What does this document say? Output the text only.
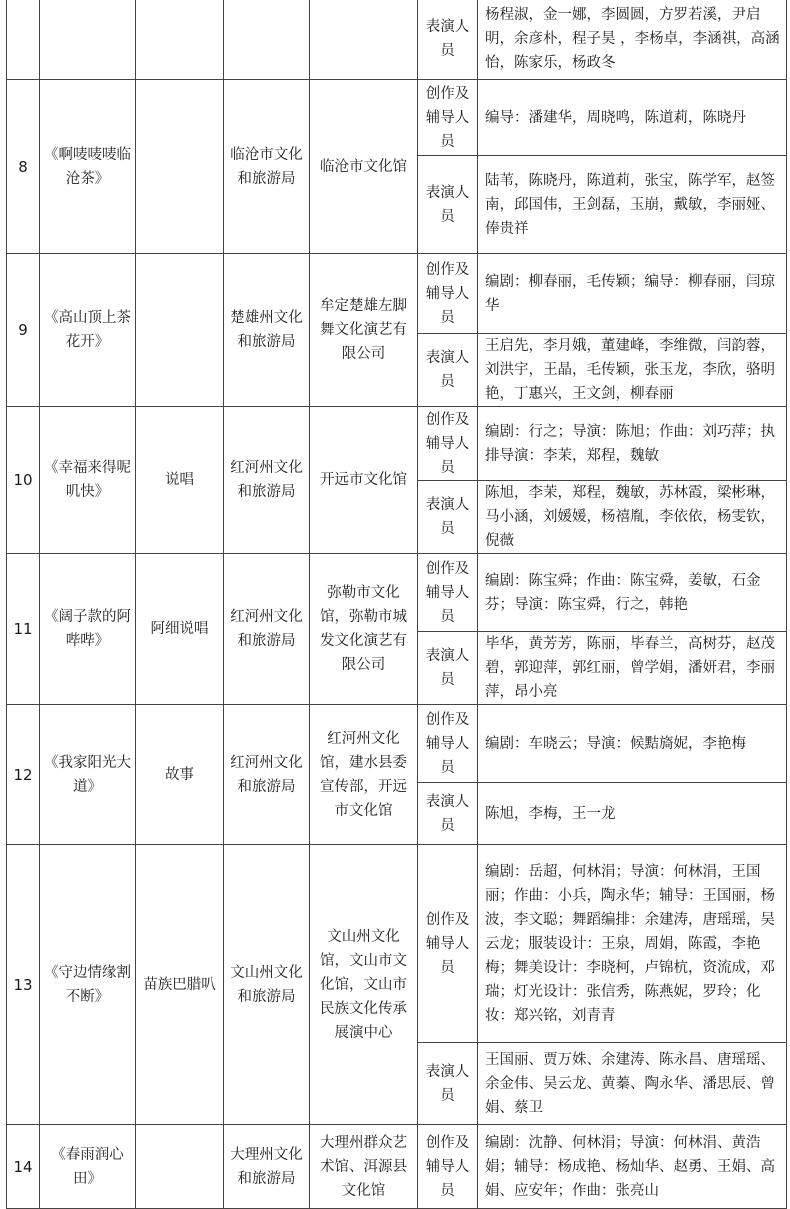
					表演人员	杨程淑，金一娜，李圆圆，方罗若溪，尹启明，余彦朴，程子昊 ，李杨卓，李涵祺，高涵怡，陈家乐，杨政冬
8	《啊唛唛唛临沧茶》		临沧市文化和旅游局	临沧市文化馆	创作及辅导人员	编导：潘建华，周晓鸣，陈道莉，陈晓丹
					表演人员	陆苇，陈晓丹，陈道莉，张宝，陈学军，赵签南，邱国伟，王剑磊，玉崩，戴敏，李丽娅、俸贵祥
9	《高山顶上茶花开》		楚雄州文化和旅游局	牟定楚雄左脚舞文化演艺有限公司	创作及辅导人员	编剧：柳春丽，毛传颖；编导：柳春丽，闫琼华
					表演人员	王启先，李月娥，董建峰，李维微，闫韵蓉，刘洪宇，王晶，毛传颖，张玉龙，李欣，骆明艳，丁惠兴，王文剑，柳春丽
10	《幸福来得呢叽快》	说唱	红河州文化和旅游局	开远市文化馆	创作及辅导人员	编剧：行之；导演：陈旭；作曲：刘巧萍；执排导演：李茉，郑程，魏敏
					表演人员	陈旭，李茉，郑程，魏敏，苏林霞，梁彬琳，马小涵，刘媛媛，杨禧胤，李依依，杨雯钦，倪薇
11	《阔子款的阿哔哔》	阿细说唱	红河州文化和旅游局	弥勒市文化馆，弥勒市城发文化演艺有限公司	创作及辅导人员	编剧：陈宝舜；作曲：陈宝舜，姜敏，石金芬；导演：陈宝舜，行之，韩艳
					表演人员	毕华，黄芳芳，陈丽，毕春兰，高树芬，赵茂碧，郭迎萍，郭红丽，曾学娟，潘妍君，李丽萍，昂小亮
12	《我家阳光大道》	故事	红河州文化和旅游局	红河州文化馆，建水县委宣传部，开远市文化馆	创作及辅导人员	编剧：车晓云；导演：候黠旖妮，李艳梅
					表演人员	陈旭，李梅，王一龙
13	《守边情缘割不断》	苗族巴腊叭	文山州文化和旅游局	文山州文化馆，文山市文化馆，文山市民族文化传承展演中心	创作及辅导人员	编剧：岳超，何林涓；导演：何林涓，王国丽；作曲：小兵，陶永华；辅导：王国丽，杨波，李文聪；舞蹈编排：余建涛，唐瑶瑶，吴云龙；服装设计：王泉，周娟，陈霞，李艳梅；舞美设计：李晓柯，卢锦杭，资流成，邓瑞；灯光设计：张信秀，陈燕妮，罗玲；化妆：郑兴铭，刘青青
					表演人员	王国丽、贾万姝、余建涛、陈永昌、唐瑶瑶、余金伟、吴云龙、黄蓁、陶永华、潘思辰、曾娟、蔡卫
14	《春雨润心田》		大理州文化和旅游局	大理州群众艺术馆、洱源县文化馆	创作及辅导人员	编剧：沈静、何林涓；导演：何林涓、黄浩娟；辅导：杨成艳、杨灿华、赵勇、王娟、高娟、应安年；作曲：张亮山
